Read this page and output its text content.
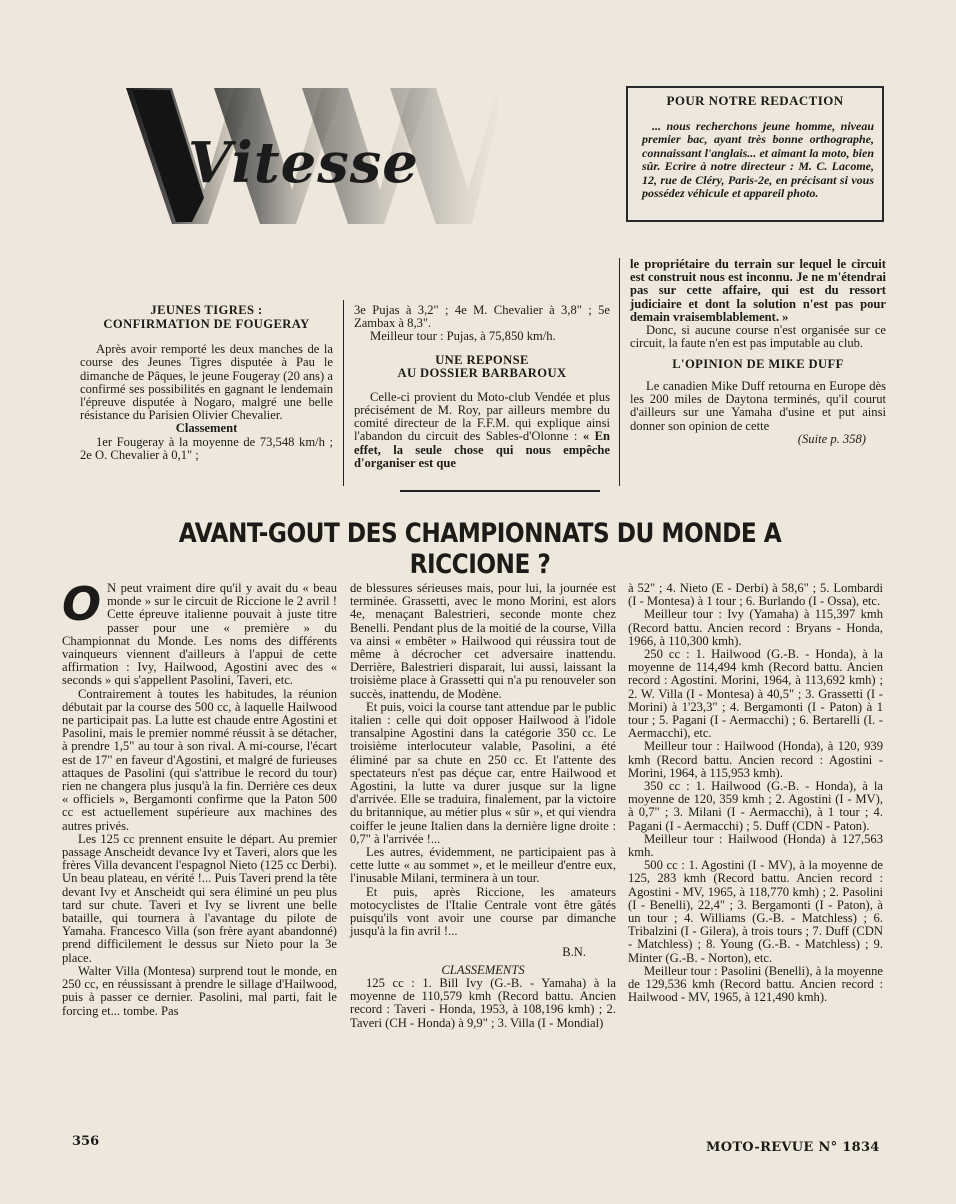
Vitesse
POUR NOTRE REDACTION

... nous recherchons jeune homme, niveau premier bac, ayant très bonne orthographe, connaissant l'anglais... et aimant la moto, bien sûr. Ecrire à notre directeur : M. C. Lacome, 12, rue de Cléry, Paris-2e, en précisant si vous possédez véhicule et appareil photo.

JEUNES TIGRES :
CONFIRMATION DE FOUGERAY

Après avoir remporté les deux manches de la course des Jeunes Tigres disputée à Pau le dimanche de Pâques, le jeune Fougeray (20 ans) a confirmé ses possibilités en gagnant le lendemain l'épreuve disputée à Nogaro, malgré une belle résistance du Parisien Olivier Chevalier.

Classement

1er Fougeray à la moyenne de 73,548 km/h ; 2e O. Chevalier à 0,1" ;

3e Pujas à 3,2" ; 4e M. Chevalier à 3,8" ; 5e Zambax à 8,3".

Meilleur tour : Pujas, à 75,850 km/h.

UNE REPONSE
AU DOSSIER BARBAROUX

Celle-ci provient du Moto-club Vendée et plus précisément de M. Roy, par ailleurs membre du comité directeur de la F.F.M. qui explique ainsi l'abandon du circuit des Sables-d'Olonne : « En effet, la seule chose qui nous empêche d'organiser est que

le propriétaire du terrain sur lequel le circuit est construit nous est inconnu. Je ne m'étendrai pas sur cette affaire, qui est du ressort judiciaire et dont la solution n'est pas pour demain vraisemblablement. »

Donc, si aucune course n'est organisée sur ce circuit, la faute n'en est pas imputable au club.

L'OPINION DE MIKE DUFF

Le canadien Mike Duff retourna en Europe dès les 200 miles de Daytona terminés, qu'il courut d'ailleurs sur une Yamaha d'usine et put ainsi donner son opinion de cette

(Suite p. 358)

AVANT-GOUT DES CHAMPIONNATS DU MONDE A RICCIONE ?

O N peut vraiment dire qu'il y avait du « beau monde » sur le circuit de Riccione le 2 avril ! Cette épreuve italienne pouvait à juste titre passer pour une « première » du Championnat du Monde. Les noms des différents vainqueurs viennent d'ailleurs à l'appui de cette affirmation : Ivy, Hailwood, Agostini avec des « seconds » qui s'appellent Pasolini, Taveri, etc.

Contrairement à toutes les habitudes, la réunion débutait par la course des 500 cc, à laquelle Hailwood ne participait pas. La lutte est chaude entre Agostini et Pasolini, mais le premier nommé réussit à se détacher, à prendre 1,5" au tour à son rival. A mi-course, l'écart est de 17" en faveur d'Agostini, et malgré de furieuses attaques de Pasolini (qui s'attribue le record du tour) rien ne changera plus jusqu'à la fin. Derrière ces deux « officiels », Bergamonti confirme que la Paton 500 cc est actuellement supérieure aux machines des autres privés.

Les 125 cc prennent ensuite le départ. Au premier passage Anscheidt devance Ivy et Taveri, alors que les frères Villa devancent l'espagnol Nieto (125 cc Derbi). Un beau plateau, en vérité !... Puis Taveri prend la tête devant Ivy et Anscheidt qui sera éliminé un peu plus tard sur chute. Taveri et Ivy se livrent une belle bataille, qui tournera à l'avantage du pilote de Yamaha. Francesco Villa (son frère ayant abandonné) prend difficilement le dessus sur Nieto pour la 3e place.

Walter Villa (Montesa) surprend tout le monde, en 250 cc, en réussissant à prendre le sillage d'Hailwood, puis à passer ce dernier. Pasolini, mal parti, fait le forcing et... tombe. Pas

de blessures sérieuses mais, pour lui, la journée est terminée. Grassetti, avec le mono Morini, est alors 4e, menaçant Balestrieri, seconde monte chez Benelli. Pendant plus de la moitié de la course, Villa va ainsi « embêter » Hailwood qui réussira tout de même à décrocher cet adversaire inattendu. Derrière, Balestrieri disparait, lui aussi, laissant la troisième place à Grassetti qui n'a pu renouveler son succès, inattendu, de Modène.

Et puis, voici la course tant attendue par le public italien : celle qui doit opposer Hailwood à l'idole transalpine Agostini dans la catégorie 350 cc. Le troisième interlocuteur valable, Pasolini, a été éliminé par sa chute en 250 cc. Et l'attente des spectateurs n'est pas déçue car, entre Hailwood et Agostini, la lutte va durer jusque sur la ligne d'arrivée. Elle se traduira, finalement, par la victoire du britannique, au métier plus « sûr », et qui viendra coiffer le jeune Italien dans la dernière ligne droite : 0,7" à l'arrivée !...

Les autres, évidemment, ne participaient pas à cette lutte « au sommet », et le meilleur d'entre eux, l'inusable Milani, terminera à un tour.

Et puis, après Riccione, les amateurs motocyclistes de l'Italie Centrale vont être gâtés puisqu'ils vont avoir une course par dimanche jusqu'à la fin avril !...

B.N.

CLASSEMENTS

125 cc : 1. Bill Ivy (G.-B. - Yamaha) à la moyenne de 110,579 kmh (Record battu. Ancien record : Taveri - Honda, 1953, à 108,196 kmh) ; 2. Taveri (CH - Honda) à 9,9" ; 3. Villa (I - Mondial)

à 52" ; 4. Nieto (E - Derbi) à 58,6" ; 5. Lombardi (I - Montesa) à 1 tour ; 6. Burlando (I - Ossa), etc.

Meilleur tour : Ivy (Yamaha) à 115,397 kmh (Record battu. Ancien record : Bryans - Honda, 1966, à 110,300 kmh).

250 cc : 1. Hailwood (G.-B. - Honda), à la moyenne de 114,494 kmh (Record battu. Ancien record : Agostini. Morini, 1964, à 113,692 kmh) ; 2. W. Villa (I - Montesa) à 40,5" ; 3. Grassetti (I - Morini) à 1'23,3" ; 4. Bergamonti (I - Paton) à 1 tour ; 5. Pagani (I - Aermacchi) ; 6. Bertarelli (I. - Aermacchi), etc.

Meilleur tour : Hailwood (Honda), à 120, 939 kmh (Record battu. Ancien record : Agostini - Morini, 1964, à 115,953 kmh).

350 cc : 1. Hailwood (G.-B. - Honda), à la moyenne de 120, 359 kmh ; 2. Agostini (I - MV), à 0,7" ; 3. Milani (I - Aermacchi), à 1 tour ; 4. Pagani (I - Aermacchi) ; 5. Duff (CDN - Paton).

Meilleur tour : Hailwood (Honda) à 127,563 kmh.

500 cc : 1. Agostini (I - MV), à la moyenne de 125, 283 kmh (Record battu. Ancien record : Agostini - MV, 1965, à 118,770 kmh) ; 2. Pasolini (I - Benelli), 22,4" ; 3. Bergamonti (I - Paton), à un tour ; 4. Williams (G.-B. - Matchless) ; 6. Tribalzini (I - Gilera), à trois tours ; 7. Duff (CDN - Matchless) ; 8. Young (G.-B. - Matchless) ; 9. Minter (G.-B. - Norton), etc.

Meilleur tour : Pasolini (Benelli), à la moyenne de 129,536 kmh (Record battu. Ancien record : Hailwood - MV, 1965, à 121,490 kmh).

356	MOTO-REVUE N° 1834
